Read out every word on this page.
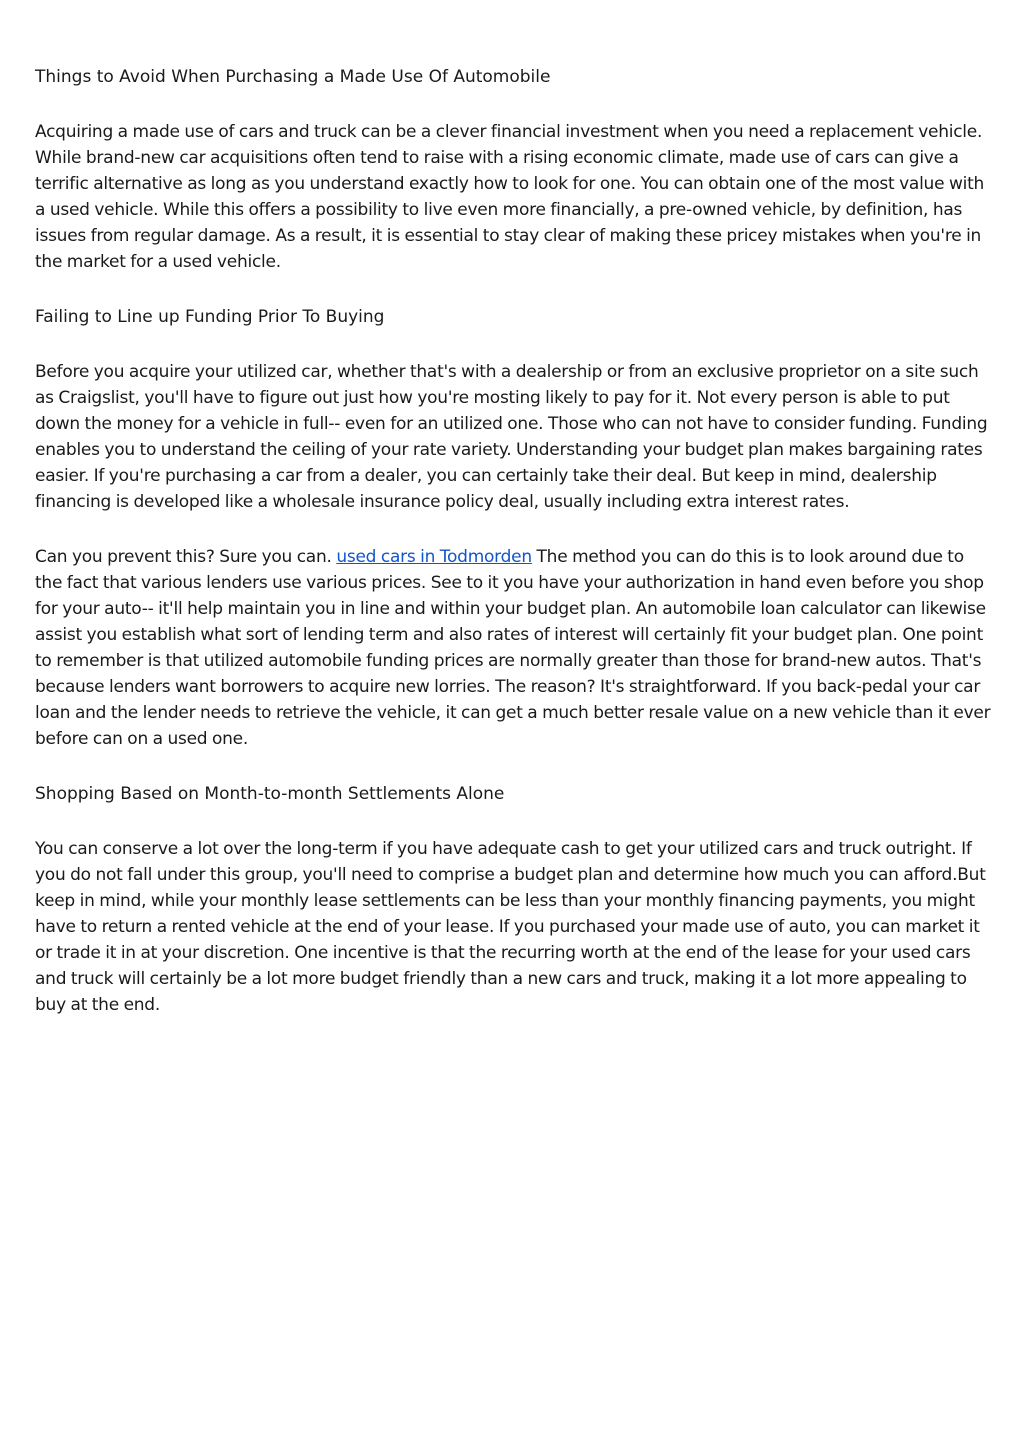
Things to Avoid When Purchasing a Made Use Of Automobile

Acquiring a made use of cars and truck can be a clever financial investment when you need a replacement vehicle. While brand-new car acquisitions often tend to raise with a rising economic climate, made use of cars can give a terrific alternative as long as you understand exactly how to look for one. You can obtain one of the most value with a used vehicle. While this offers a possibility to live even more financially, a pre-owned vehicle, by definition, has issues from regular damage. As a result, it is essential to stay clear of making these pricey mistakes when you're in the market for a used vehicle.

Failing to Line up Funding Prior To Buying

Before you acquire your utilized car, whether that's with a dealership or from an exclusive proprietor on a site such as Craigslist, you'll have to figure out just how you're mosting likely to pay for it. Not every person is able to put down the money for a vehicle in full-- even for an utilized one. Those who can not have to consider funding. Funding enables you to understand the ceiling of your rate variety. Understanding your budget plan makes bargaining rates easier. If you're purchasing a car from a dealer, you can certainly take their deal. But keep in mind, dealership financing is developed like a wholesale insurance policy deal, usually including extra interest rates.

Can you prevent this? Sure you can. used cars in Todmorden The method you can do this is to look around due to the fact that various lenders use various prices. See to it you have your authorization in hand even before you shop for your auto-- it'll help maintain you in line and within your budget plan. An automobile loan calculator can likewise assist you establish what sort of lending term and also rates of interest will certainly fit your budget plan. One point to remember is that utilized automobile funding prices are normally greater than those for brand-new autos. That's because lenders want borrowers to acquire new lorries. The reason? It's straightforward. If you back-pedal your car loan and the lender needs to retrieve the vehicle, it can get a much better resale value on a new vehicle than it ever before can on a used one.

Shopping Based on Month-to-month Settlements Alone

You can conserve a lot over the long-term if you have adequate cash to get your utilized cars and truck outright. If you do not fall under this group, you'll need to comprise a budget plan and determine how much you can afford.But keep in mind, while your monthly lease settlements can be less than your monthly financing payments, you might have to return a rented vehicle at the end of your lease. If you purchased your made use of auto, you can market it or trade it in at your discretion. One incentive is that the recurring worth at the end of the lease for your used cars and truck will certainly be a lot more budget friendly than a new cars and truck, making it a lot more appealing to buy at the end.
